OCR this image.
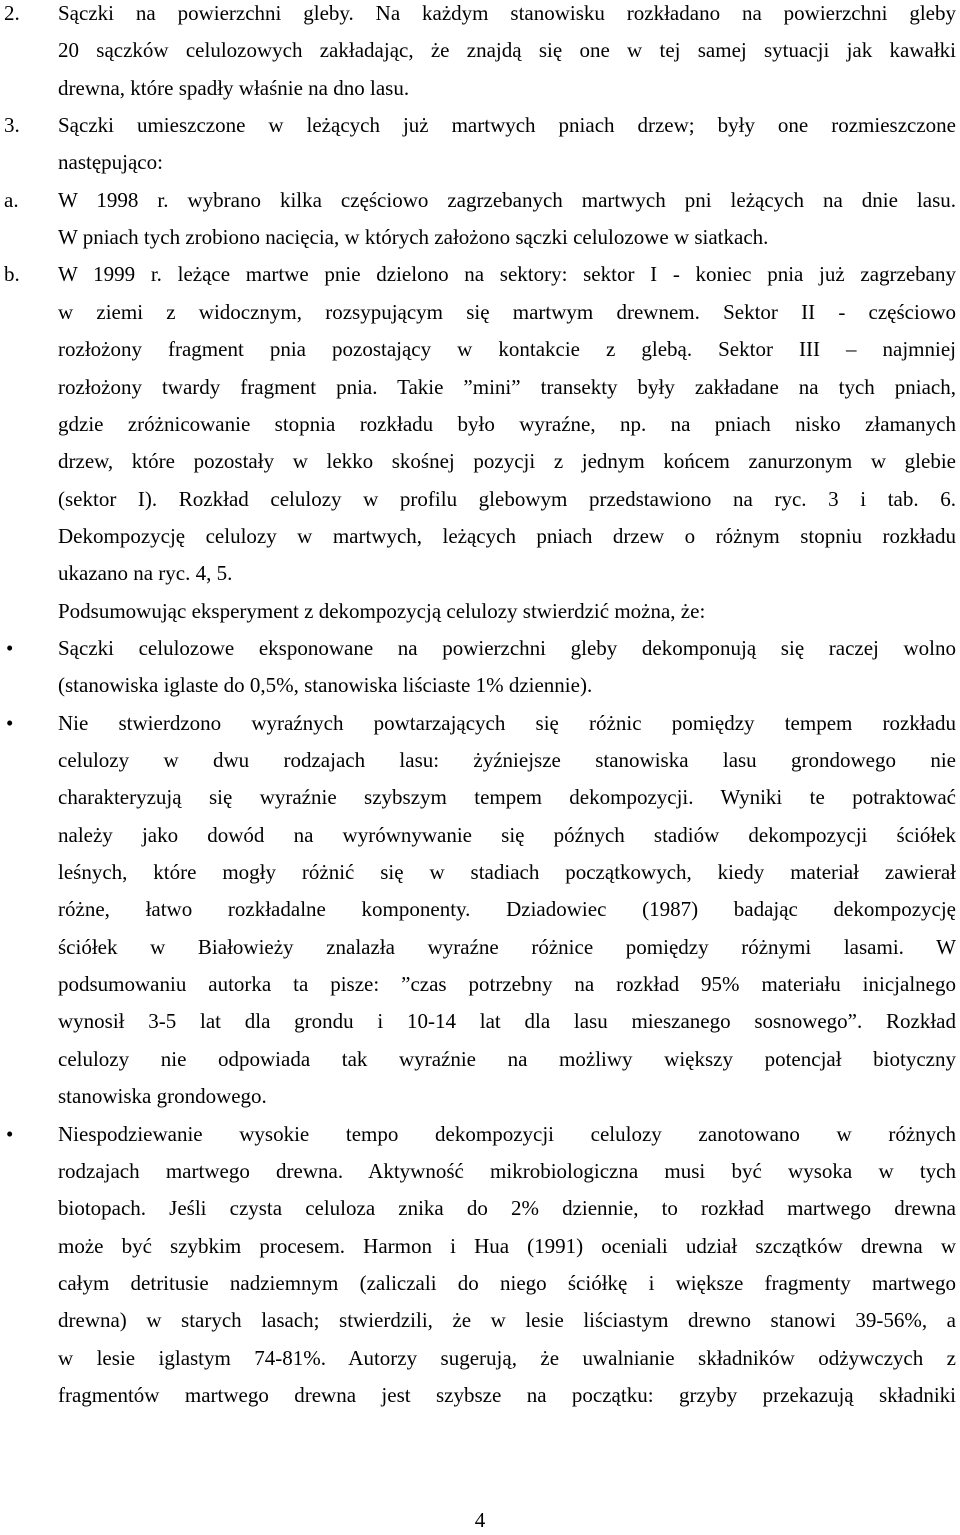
2. Sączki na powierzchni gleby. Na każdym stanowisku rozkładano na powierzchni gleby
20 sączków celulozowych zakładając, że znajdą się one w tej samej sytuacji jak kawałki
drewna, które spadły właśnie na dno lasu.
3. Sączki umieszczone w leżących już martwych pniach drzew; były one rozmieszczone
następująco:
a. W 1998 r. wybrano kilka częściowo zagrzebanych martwych pni leżących na dnie lasu.
W pniach tych zrobiono nacięcia, w których założono sączki celulozowe w siatkach.
b. W 1999 r. leżące martwe pnie dzielono na sektory: sektor I - koniec pnia już zagrzebany
w ziemi z widocznym, rozsypującym się martwym drewnem. Sektor II - częściowo
rozłożony fragment pnia pozostający w kontakcie z glebą. Sektor III – najmniej
rozłożony twardy fragment pnia. Takie ”mini” transekty były zakładane na tych pniach,
gdzie zróżnicowanie stopnia rozkładu było wyraźne, np. na pniach nisko złamanych
drzew, które pozostały w lekko skośnej pozycji z jednym końcem zanurzonym w glebie
(sektor I). Rozkład celulozy w profilu glebowym przedstawiono na ryc. 3 i tab. 6.
Dekompozycję celulozy w martwych, leżących pniach drzew o różnym stopniu rozkładu
ukazano na ryc. 4, 5.
Podsumowując eksperyment z dekompozycją celulozy stwierdzić można, że:
• Sączki celulozowe eksponowane na powierzchni gleby dekomponują się raczej wolno
(stanowiska iglaste do 0,5%, stanowiska liściaste 1% dziennie).
• Nie stwierdzono wyraźnych powtarzających się różnic pomiędzy tempem rozkładu
celulozy w dwu rodzajach lasu: żyźniejsze stanowiska lasu grondowego nie
charakteryzują się wyraźnie szybszym tempem dekompozycji. Wyniki te potraktować
należy jako dowód na wyrównywanie się późnych stadiów dekompozycji ściółek
leśnych, które mogły różnić się w stadiach początkowych, kiedy materiał zawierał
różne, łatwo rozkładalne komponenty. Dziadowiec (1987) badając dekompozycję
ściółek w Białowieży znalazła wyraźne różnice pomiędzy różnymi lasami. W
podsumowaniu autorka ta pisze: ”czas potrzebny na rozkład 95% materiału inicjalnego
wynosił 3-5 lat dla grondu i 10-14 lat dla lasu mieszanego sosnowego”. Rozkład
celulozy nie odpowiada tak wyraźnie na możliwy większy potencjał biotyczny
stanowiska grondowego.
• Niespodziewanie wysokie tempo dekompozycji celulozy zanotowano w różnych
rodzajach martwego drewna. Aktywność mikrobiologiczna musi być wysoka w tych
biotopach. Jeśli czysta celuloza znika do 2% dziennie, to rozkład martwego drewna
może być szybkim procesem. Harmon i Hua (1991) oceniali udział szczątków drewna w
całym detritusie nadziemnym (zaliczali do niego ściółkę i większe fragmenty martwego
drewna) w starych lasach; stwierdzili, że w lesie liściastym drewno stanowi 39-56%, a
w lesie iglastym 74-81%. Autorzy sugerują, że uwalnianie składników odżywczych z
fragmentów martwego drewna jest szybsze na początku: grzyby przekazują składniki
4
